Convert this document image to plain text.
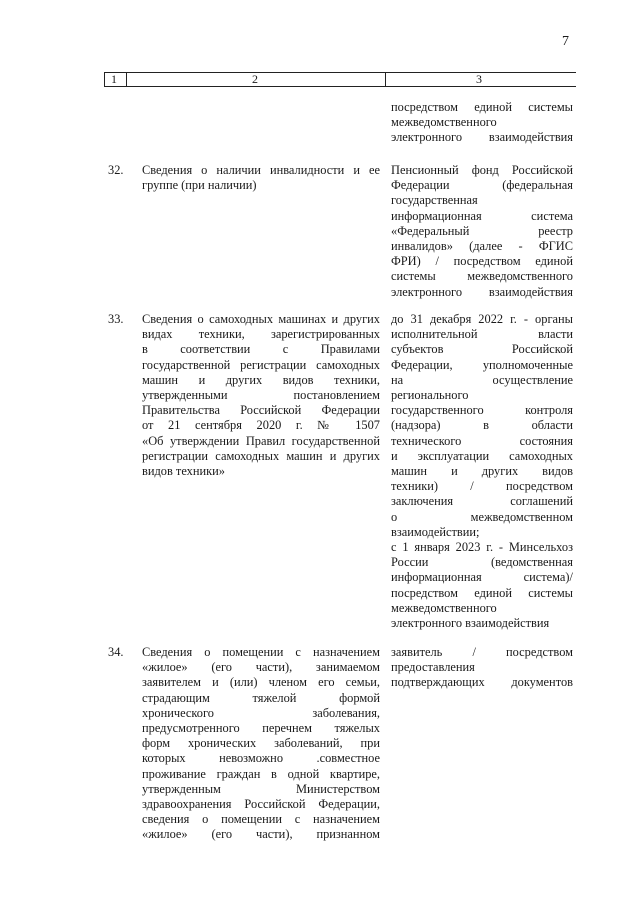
7
1	2	3
посредством единой системы
межведомственного
электронного взаимодействия
32. Сведения о наличии инвалидности и ее
группе (при наличии)
Пенсионный фонд Российской
Федерации (федеральная
государственная
информационная система
«Федеральный реестр
инвалидов» (далее - ФГИС
ФРИ) / посредством единой
системы межведомственного
электронного взаимодействия
33. Сведения о самоходных машинах и других
видах техники, зарегистрированных
в соответствии с Правилами
государственной регистрации самоходных
машин и других видов техники,
утвержденными постановлением
Правительства Российской Федерации
от 21 сентября 2020 г. № 1507
«Об утверждении Правил государственной
регистрации самоходных машин и других
видов техники»
до 31 декабря 2022 г. - органы
исполнительной власти
субъектов Российской
Федерации, уполномоченные
на осуществление
регионального
государственного контроля
(надзора) в области
технического состояния
и эксплуатации самоходных
машин и других видов
техники) / посредством
заключения соглашений
о межведомственном
взаимодействии;
с 1 января 2023 г. - Минсельхоз
России (ведомственная
информационная система)/
посредством единой системы
межведомственного
электронного взаимодействия
34. Сведения о помещении с назначением
«жилое» (его части), занимаемом
заявителем и (или) членом его семьи,
страдающим тяжелой формой
хронического заболевания,
предусмотренного перечнем тяжелых
форм хронических заболеваний, при
которых невозможно .совместное
проживание граждан в одной квартире,
утвержденным Министерством
здравоохранения Российской Федерации,
сведения о помещении с назначением
«жилое» (его части), признанном
заявитель / посредством
предоставления
подтверждающих документов
